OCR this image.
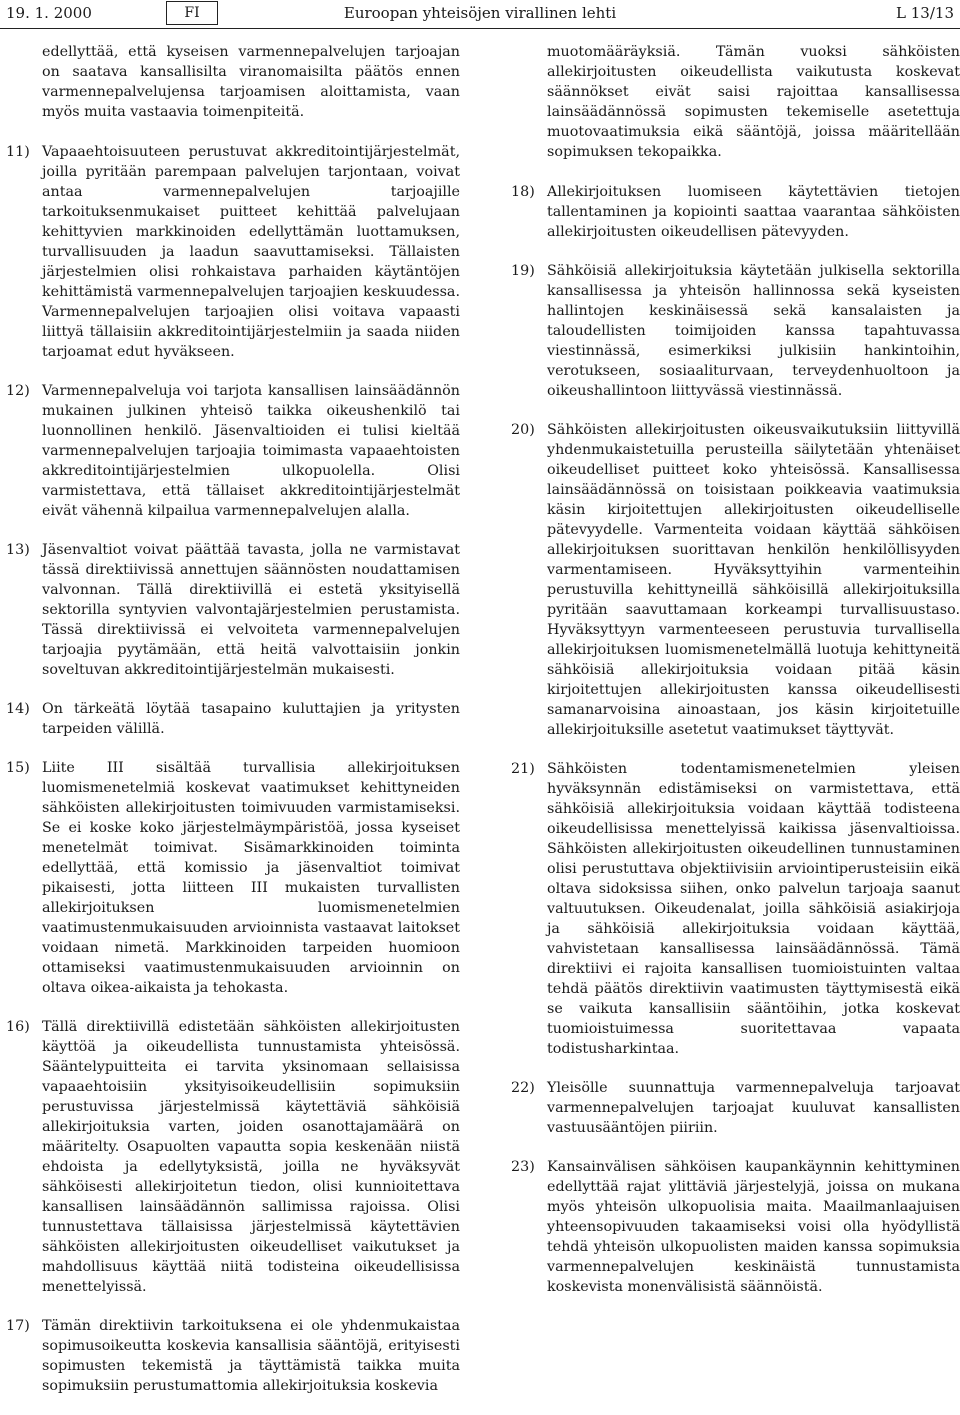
19. 1. 2000	FI	Euroopan yhteisöjen virallinen lehti	L 13/13

edellyttää, että kyseisen varmennepalvelujen tarjoajan on saatava kansallisilta viranomaisilta päätös ennen varmennepalvelujensa tarjoamisen aloittamista, vaan myös muita vastaavia toimenpiteitä.

11) Vapaaehtoisuuteen perustuvat akkreditointijärjestelmät, joilla pyritään parempaan palvelujen tarjontaan, voivat antaa varmennepalvelujen tarjoajille tarkoituksenmukaiset puitteet kehittää palvelujaan kehittyvien markkinoiden edellyttämän luottamuksen, turvallisuuden ja laadun saavuttamiseksi. Tällaisten järjestelmien olisi rohkaistava parhaiden käytäntöjen kehittämistä varmennepalvelujen tarjoajien keskuudessa. Varmennepalvelujen tarjoajien olisi voitava vapaasti liittyä tällaisiin akkreditointijärjestelmiin ja saada niiden tarjoamat edut hyväkseen.

12) Varmennepalveluja voi tarjota kansallisen lainsäädännön mukainen julkinen yhteisö taikka oikeushenkilö tai luonnollinen henkilö. Jäsenvaltioiden ei tulisi kieltää varmennepalvelujen tarjoajia toimimasta vapaaehtoisten akkreditointijärjestelmien ulkopuolella. Olisi varmistettava, että tällaiset akkreditointijärjestelmät eivät vähennä kilpailua varmennepalvelujen alalla.

13) Jäsenvaltiot voivat päättää tavasta, jolla ne varmistavat tässä direktiivissä annettujen säännösten noudattamisen valvonnan. Tällä direktiivillä ei estetä yksityisellä sektorilla syntyvien valvontajärjestelmien perustamista. Tässä direktiivissä ei velvoiteta varmennepalvelujen tarjoajia pyytämään, että heitä valvottaisiin jonkin soveltuvan akkreditointijärjestelmän mukaisesti.

14) On tärkeätä löytää tasapaino kuluttajien ja yritysten tarpeiden välillä.

15) Liite III sisältää turvallisia allekirjoituksen luomismenetelmiä koskevat vaatimukset kehittyneiden sähköisten allekirjoitusten toimivuuden varmistamiseksi. Se ei koske koko järjestelmäympäristöä, jossa kyseiset menetelmät toimivat. Sisämarkkinoiden toiminta edellyttää, että komissio ja jäsenvaltiot toimivat pikaisesti, jotta liitteen III mukaisten turvallisten allekirjoituksen luomismenetelmien vaatimustenmukaisuuden arvioinnista vastaavat laitokset voidaan nimetä. Markkinoiden tarpeiden huomioon ottamiseksi vaatimustenmukaisuuden arvioinnin on oltava oikea-aikaista ja tehokasta.

16) Tällä direktiivillä edistetään sähköisten allekirjoitusten käyttöä ja oikeudellista tunnustamista yhteisössä. Sääntelypuitteita ei tarvita yksinomaan sellaisissa vapaaehtoisiin yksityisoikeudellisiin sopimuksiin perustuvissa järjestelmissä käytettäviä sähköisiä allekirjoituksia varten, joiden osanottajamäärä on määritelty. Osapuolten vapautta sopia keskenään niistä ehdoista ja edellytyksistä, joilla ne hyväksyvät sähköisesti allekirjoitetun tiedon, olisi kunnioitettava kansallisen lainsäädännön sallimissa rajoissa. Olisi tunnustettava tällaisissa järjestelmissä käytettävien sähköisten allekirjoitusten oikeudelliset vaikutukset ja mahdollisuus käyttää niitä todisteina oikeudellisissa menettelyissä.

17) Tämän direktiivin tarkoituksena ei ole yhdenmukaistaa sopimusoikeutta koskevia kansallisia sääntöjä, erityisesti sopimusten tekemistä ja täyttämistä taikka muita sopimuksiin perustumattomia allekirjoituksia koskevia

muotomääräyksiä. Tämän vuoksi sähköisten allekirjoitusten oikeudellista vaikutusta koskevat säännökset eivät saisi rajoittaa kansallisessa lainsäädännössä sopimusten tekemiselle asetettuja muotovaatimuksia eikä sääntöjä, joissa määritellään sopimuksen tekopaikka.

18) Allekirjoituksen luomiseen käytettävien tietojen tallentaminen ja kopiointi saattaa vaarantaa sähköisten allekirjoitusten oikeudellisen pätevyyden.

19) Sähköisiä allekirjoituksia käytetään julkisella sektorilla kansallisessa ja yhteisön hallinnossa sekä kyseisten hallintojen keskinäisessä sekä kansalaisten ja taloudellisten toimijoiden kanssa tapahtuvassa viestinnässä, esimerkiksi julkisiin hankintoihin, verotukseen, sosiaaliturvaan, terveydenhuoltoon ja oikeushallintoon liittyvässä viestinnässä.

20) Sähköisten allekirjoitusten oikeusvaikutuksiin liittyvillä yhdenmukaistetuilla perusteilla säilytetään yhtenäiset oikeudelliset puitteet koko yhteisössä. Kansallisessa lainsäädännössä on toisistaan poikkeavia vaatimuksia käsin kirjoitettujen allekirjoitusten oikeudelliselle pätevyydelle. Varmenteita voidaan käyttää sähköisen allekirjoituksen suorittavan henkilön henkilöllisyyden varmentamiseen. Hyväksyttyihin varmenteihin perustuvilla kehittyneillä sähköisillä allekirjoituksilla pyritään saavuttamaan korkeampi turvallisuustaso. Hyväksyttyyn varmenteeseen perustuvia turvallisella allekirjoituksen luomismenetelmällä luotuja kehittyneitä sähköisiä allekirjoituksia voidaan pitää käsin kirjoitettujen allekirjoitusten kanssa oikeudellisesti samanarvoisina ainoastaan, jos käsin kirjoitetuille allekirjoituksille asetetut vaatimukset täyttyvät.

21) Sähköisten todentamismenetelmien yleisen hyväksynnän edistämiseksi on varmistettava, että sähköisiä allekirjoituksia voidaan käyttää todisteena oikeudellisissa menettelyissä kaikissa jäsenvaltioissa. Sähköisten allekirjoitusten oikeudellinen tunnustaminen olisi perustuttava objektiivisiin arviointiperusteisiin eikä oltava sidoksissa siihen, onko palvelun tarjoaja saanut valtuutuksen. Oikeudenalat, joilla sähköisiä asiakirjoja ja sähköisiä allekirjoituksia voidaan käyttää, vahvistetaan kansallisessa lainsäädännössä. Tämä direktiivi ei rajoita kansallisen tuomioistuinten valtaa tehdä päätös direktiivin vaatimusten täyttymisestä eikä se vaikuta kansallisiin sääntöihin, jotka koskevat tuomioistuimessa suoritettavaa vapaata todistusharkintaa.

22) Yleisölle suunnattuja varmennepalveluja tarjoavat varmennepalvelujen tarjoajat kuuluvat kansallisten vastuusääntöjen piiriin.

23) Kansainvälisen sähköisen kaupankäynnin kehittyminen edellyttää rajat ylittäviä järjestelyjä, joissa on mukana myös yhteisön ulkopuolisia maita. Maailmanlaajuisen yhteensopivuuden takaamiseksi voisi olla hyödyllistä tehdä yhteisön ulkopuolisten maiden kanssa sopimuksia varmennepalvelujen keskinäistä tunnustamista koskevista monenvälisistä säännöistä.
